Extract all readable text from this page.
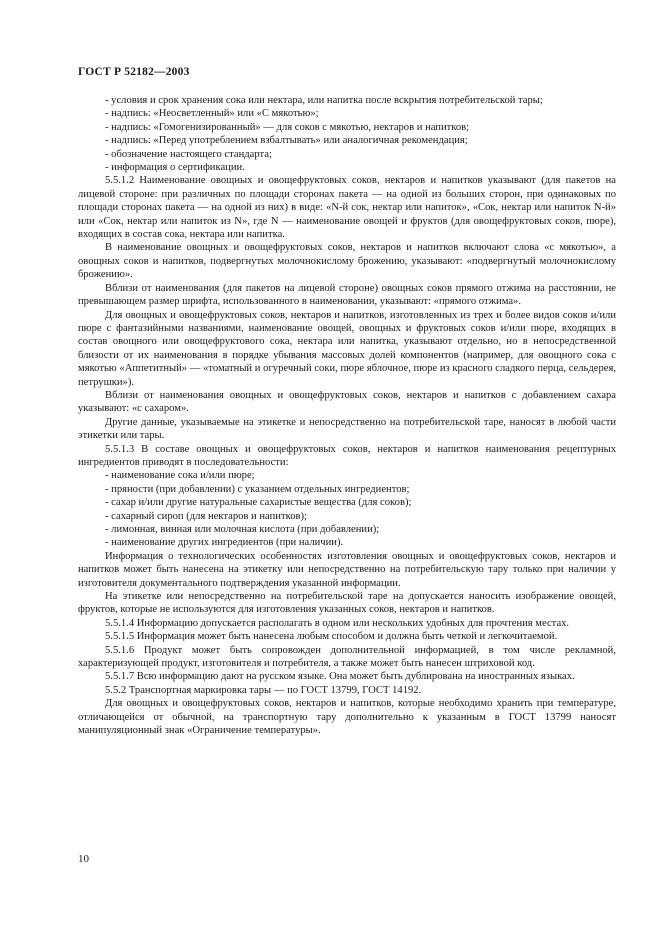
ГОСТ Р 52182—2003

- условия и срок хранения сока или нектара, или напитка после вскрытия потребительской тары;

- надпись: «Неосветленный» или «С мякотью»;

- надпись: «Гомогенизированный» — для соков с мякотью, нектаров и напитков;

- надпись: «Перед употреблением взбалтывать» или аналогичная рекомендация;

- обозначение настоящего стандарта;

- информация о сертификации.

5.5.1.2 Наименование овощных и овощефруктовых соков, нектаров и напитков указывают (для пакетов на лицевой стороне: при различных по площади сторонах пакета — на одной из больших сторон, при одинаковых по площади сторонах пакета — на одной из них) в виде: «N-й сок, нектар или напиток», «Сок, нектар или напиток N-й» или «Сок, нектар или напиток из N», где N — наименование овощей и фруктов (для овощефруктовых соков, пюре), входящих в состав сока, нектара или напитка.

В наименование овощных и овощефруктовых соков, нектаров и напитков включают слова «с мякотью», а овощных соков и напитков, подвергнутых молочнокислому брожению, указывают: «подвергнутый молочнокислому брожению».

Вблизи от наименования (для пакетов на лицевой стороне) овощных соков прямого отжима на расстоянии, не превышающем размер шрифта, использованного в наименовании, указывают: «прямого отжима».

Для овощных и овощефруктовых соков, нектаров и напитков, изготовленных из трех и более видов соков и/или пюре с фантазийными названиями, наименование овощей, овощных и фруктовых соков и/или пюре, входящих в состав овощного или овощефруктового сока, нектара или напитка, указывают отдельно, но в непосредственной близости от их наименования в порядке убывания массовых долей компонентов (например, для овощного сока с мякотью «Аппетитный» — «томатный и огуречный соки, пюре яблочное, пюре из красного сладкого перца, сельдерея, петрушки»).

Вблизи от наименования овощных и овощефруктовых соков, нектаров и напитков с добавлением сахара указывают: «с сахаром».

Другие данные, указываемые на этикетке и непосредственно на потребительской таре, наносят в любой части этикетки или тары.

5.5.1.3 В составе овощных и овощефруктовых соков, нектаров и напитков наименования рецептурных ингредиентов приводят в последовательности:

- наименование сока и/или пюре;

- пряности (при добавлении) с указанием отдельных ингредиентов;

- сахар и/или другие натуральные сахаристые вещества (для соков);

- сахарный сироп (для нектаров и напитков);

- лимонная, винная или молочная кислота (при добавлении);

- наименование других ингредиентов (при наличии).

Информация о технологических особенностях изготовления овощных и овощефруктовых соков, нектаров и напитков может быть нанесена на этикетку или непосредственно на потребительскую тару только при наличии у изготовителя документального подтверждения указанной информации.

На этикетке или непосредственно на потребительской таре на допускается наносить изображение овощей, фруктов, которые не используются для изготовления указанных соков, нектаров и напитков.

5.5.1.4 Информацию допускается располагать в одном или нескольких удобных для прочтения местах.

5.5.1.5 Информация может быть нанесена любым способом и должна быть четкой и легкочитаемой.

5.5.1.6 Продукт может быть сопровожден дополнительной информацией, в том числе рекламной, характеризующей продукт, изготовителя и потребителя, а также может быть нанесен штриховой код.

5.5.1.7 Всю информацию дают на русском языке. Она может быть дублирована на иностранных языках.

5.5.2 Транспортная маркировка тары — по ГОСТ 13799, ГОСТ 14192.

Для овощных и овощефруктовых соков, нектаров и напитков, которые необходимо хранить при температуре, отличающейся от обычной, на транспортную тару дополнительно к указанным в ГОСТ 13799 наносят манипуляционный знак «Ограничение температуры».

10
